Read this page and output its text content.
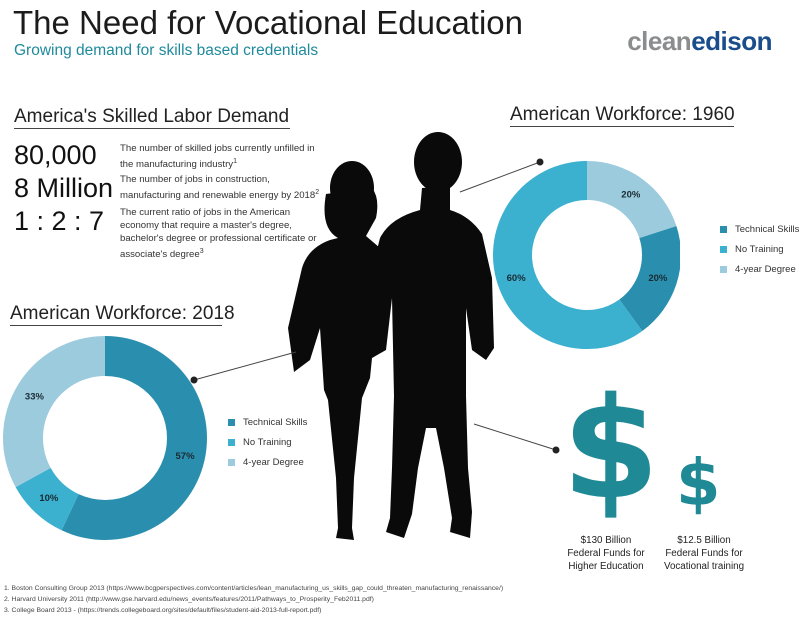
The Need for Vocational Education
Growing demand for skills based credentials	cleanedison
America's Skilled Labor Demand
80,000 The number of skilled jobs currently unfilled in the manufacturing industry$^1$
8 Million The number of jobs in construction, manufacturing and renewable energy by 2018$^2$
1 : 2 : 7 The current ratio of jobs in the American economy that require a master's degree, bachelor's degree or professional certificate or associate's degree$^3$
American Workforce: 1960
20%
60%
20%
Technical Skills
No Training
4-year Degree
American Workforce: 2018
57%
10%
33%
Technical Skills
No Training
4-year Degree $ $
$130 Billion
Federal Funds for
Higher Education
$12.5 Billion
Federal Funds for
Vocational training
1. Boston Consulting Group 2013 (https://www.bcgperspectives.com/content/articles/lean_manufacturing_us_skills_gap_could_threaten_manufacturing_renaissance/)
2. Harvard University 2011 (http://www.gse.harvard.edu/news_events/features/2011/Pathways_to_Prosperity_Feb2011.pdf)
3. College Board 2013 - (https://trends.collegeboard.org/sites/default/files/student-aid-2013-full-report.pdf)
